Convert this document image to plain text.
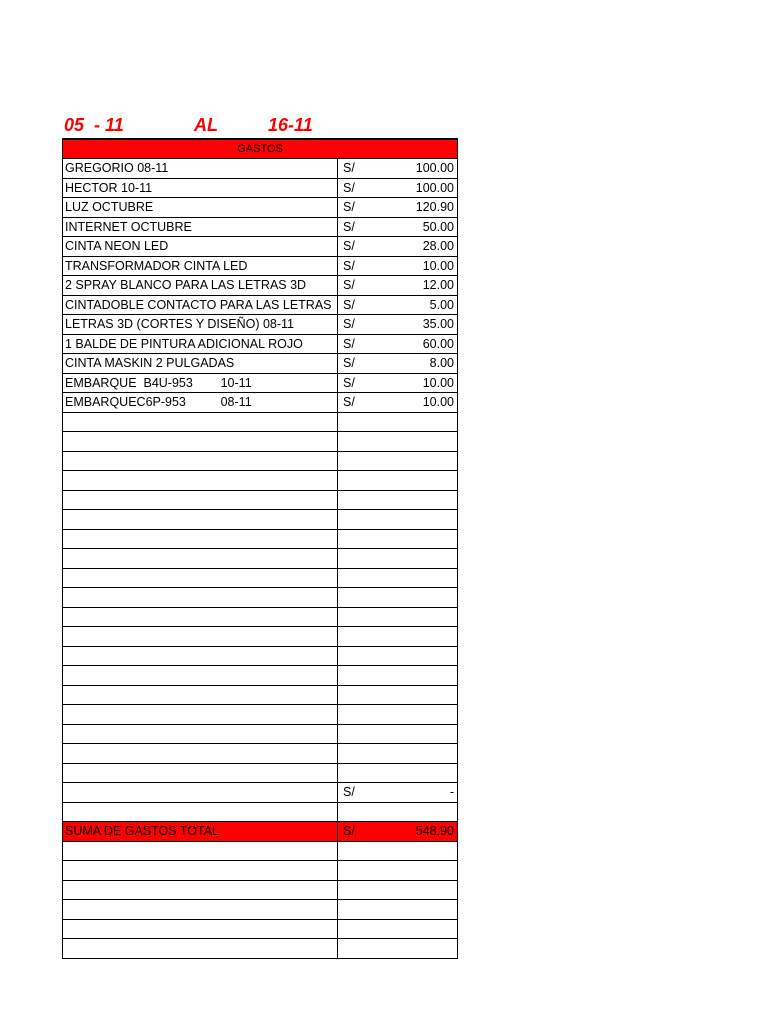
05  - 11	AL	16-11
GASTOS	
GREGORIO 08-11	S/ 100.00

HECTOR 10-11	S/ 100.00

LUZ OCTUBRE	S/ 120.90

INTERNET OCTUBRE	S/ 50.00

CINTA NEON LED	S/ 28.00

TRANSFORMADOR CINTA LED	S/ 10.00

2 SPRAY BLANCO PARA LAS LETRAS 3D	S/ 12.00

CINTADOBLE CONTACTO PARA LAS LETRAS	S/ 5.00

LETRAS 3D (CORTES Y DISEÑO) 08-11	S/ 35.00

1 BALDE DE PINTURA ADICIONAL ROJO	S/ 60.00

CINTA MASKIN 2 PULGADAS	S/ 8.00

EMBARQUE  B4U-953        10-11	S/ 10.00

EMBARQUEC6P-953          08-11	S/ 10.00

	S/ -

SUMA DE GASTOS TOTAL	S/ 548.90
